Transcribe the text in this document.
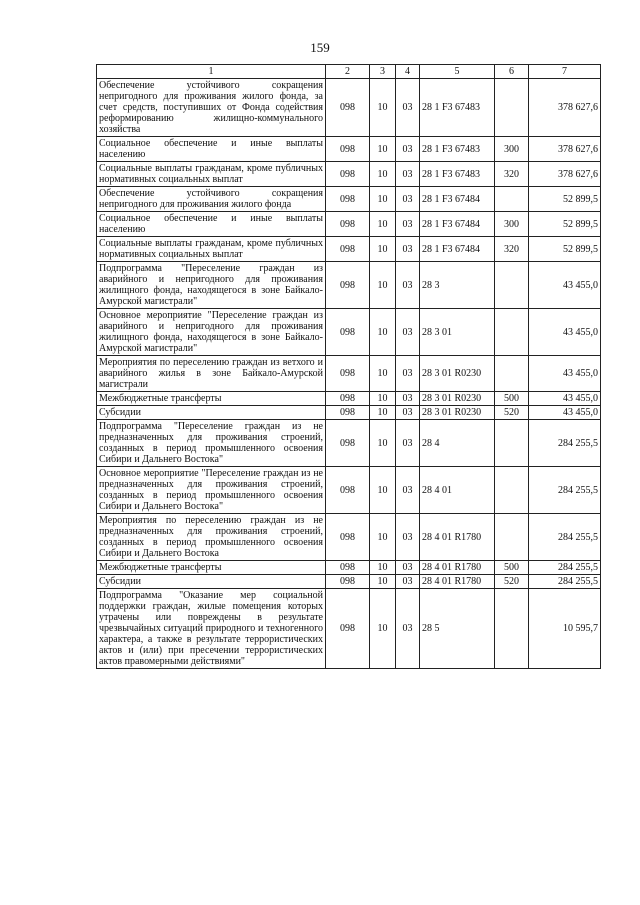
159
1	2	3	4	5	6	7
Обеспечение устойчивого сокращения непригодного для проживания жилого фонда, за счет средств, поступивших от Фонда содействия реформированию жилищно-коммунального хозяйства	098	10	03	28 1 F3 67483		378 627,6
Социальное обеспечение и иные выплаты населению	098	10	03	28 1 F3 67483	300	378 627,6
Социальные выплаты гражданам, кроме публичных нормативных социальных выплат	098	10	03	28 1 F3 67483	320	378 627,6
Обеспечение устойчивого сокращения непригодного для проживания жилого фонда	098	10	03	28 1 F3 67484		52 899,5
Социальное обеспечение и иные выплаты населению	098	10	03	28 1 F3 67484	300	52 899,5
Социальные выплаты гражданам, кроме публичных нормативных социальных выплат	098	10	03	28 1 F3 67484	320	52 899,5
Подпрограмма "Переселение граждан из аварийного и непригодного для проживания жилищного фонда, находящегося в зоне Байкало-Амурской магистрали"	098	10	03	28 3		43 455,0
Основное мероприятие "Переселение граждан из аварийного и непригодного для проживания жилищного фонда, находящегося в зоне Байкало-Амурской магистрали"	098	10	03	28 3 01		43 455,0
Мероприятия по переселению граждан из ветхого и аварийного жилья в зоне Байкало-Амурской магистрали	098	10	03	28 3 01 R0230		43 455,0
Межбюджетные трансферты	098	10	03	28 3 01 R0230	500	43 455,0
Субсидии	098	10	03	28 3 01 R0230	520	43 455,0
Подпрограмма "Переселение граждан из не предназначенных для проживания строений, созданных в период промышленного освоения Сибири и Дальнего Востока"	098	10	03	28 4		284 255,5
Основное мероприятие "Переселение граждан из не предназначенных для проживания строений, созданных в период промышленного освоения Сибири и Дальнего Востока"	098	10	03	28 4 01		284 255,5
Мероприятия по переселению граждан из не предназначенных для проживания строений, созданных в период промышленного освоения Сибири и Дальнего Востока	098	10	03	28 4 01 R1780		284 255,5
Межбюджетные трансферты	098	10	03	28 4 01 R1780	500	284 255,5
Субсидии	098	10	03	28 4 01 R1780	520	284 255,5
Подпрограмма "Оказание мер социальной поддержки граждан, жилые помещения которых утрачены или повреждены в результате чрезвычайных ситуаций природного и техногенного характера, а также в результате террористических актов и (или) при пресечении террористических актов правомерными действиями"	098	10	03	28 5		10 595,7
